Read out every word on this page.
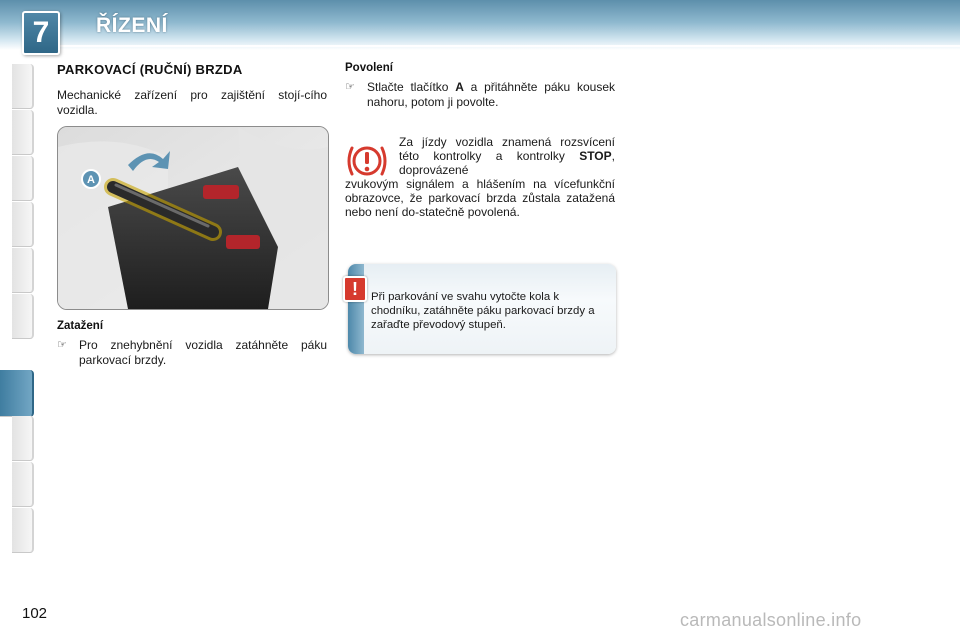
7	ŘÍZENÍ
PARKOVACÍ (RUČNÍ) BRZDA
Mechanické zařízení pro zajištění stojí-cího vozidla.
A
Zatažení
☞ Pro znehybnění vozidla zatáhněte páku parkovací brzdy.
Povolení
☞ Stlačte tlačítko A a přitáhněte páku kousek nahoru, potom ji povolte.
Za jízdy vozidla znamená rozsvícení této kontrolky a kontrolky STOP, doprovázené
zvukovým signálem a hlášením na vícefunkční obrazovce, že parkovací brzda zůstala zatažená nebo není do-statečně povolená.
Při parkování ve svahu vytočte kola k chodníku, zatáhněte páku parkovací brzdy a zařaďte převodový stupeň.
!
102	carmanualsonline.info
